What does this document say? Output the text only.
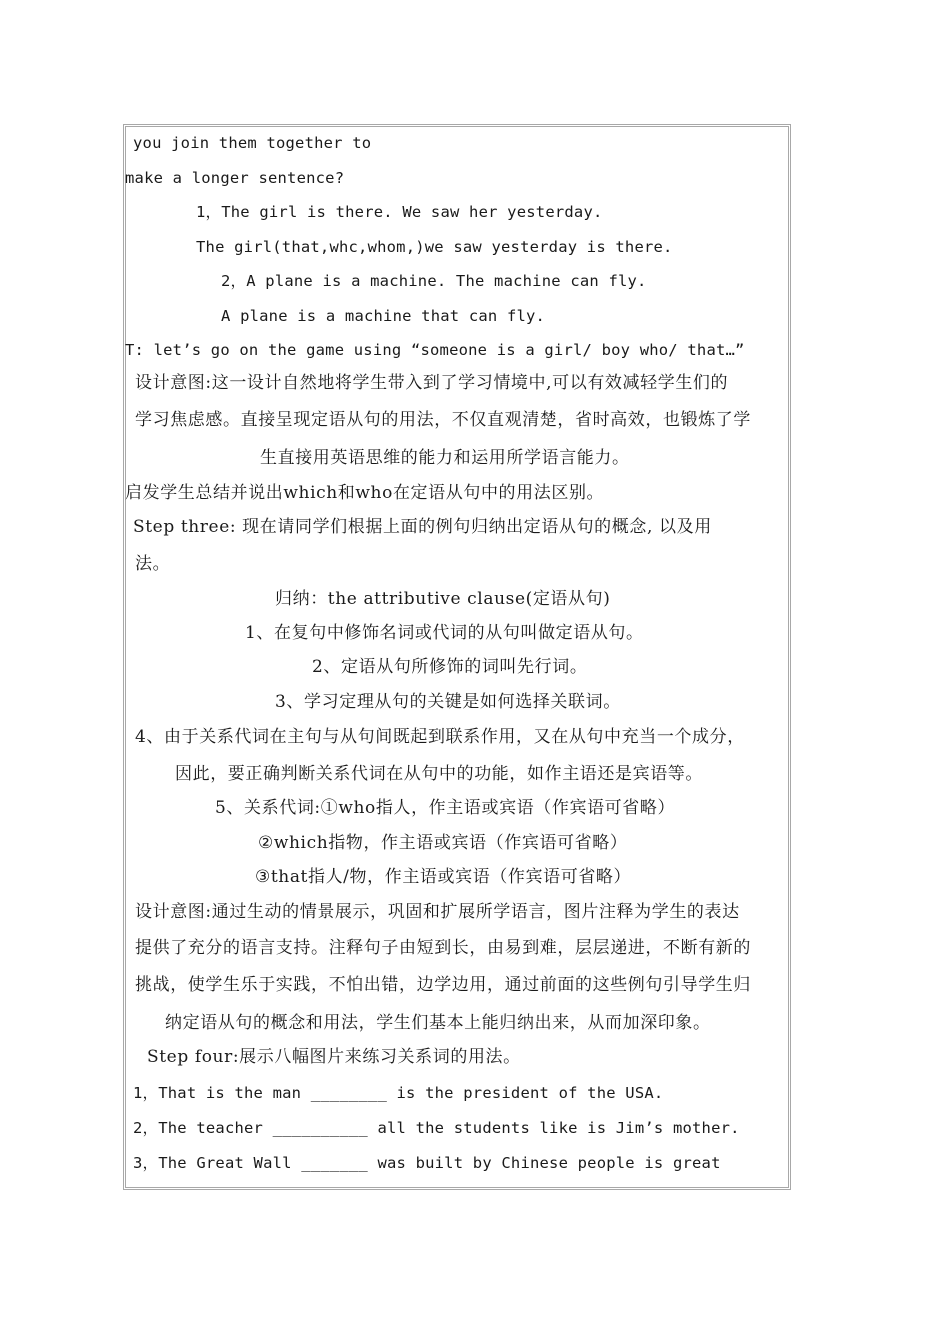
you join them together to
make a longer sentence?
1，The girl is there. We saw her yesterday.
The girl(that,whc,whom,)we saw yesterday is there.
2，A plane is a machine. The machine can fly.
A plane is a machine that can fly.
T: let’s go on the game using “someone is a girl/ boy who/ that…”
设计意图:这一设计自然地将学生带入到了学习情境中,可以有效减轻学生们的
学习焦虑感。直接呈现定语从句的用法，不仅直观清楚，省时高效，也锻炼了学
生直接用英语思维的能力和运用所学语言能力。
启发学生总结并说出which和who在定语从句中的用法区别。
Step three: 现在请同学们根据上面的例句归纳出定语从句的概念, 以及用
法。
归纳：the attributive clause(定语从句)
1、在复句中修饰名词或代词的从句叫做定语从句。
2、定语从句所修饰的词叫先行词。
3、学习定理从句的关键是如何选择关联词。
4、由于关系代词在主句与从句间既起到联系作用，又在从句中充当一个成分，
因此，要正确判断关系代词在从句中的功能，如作主语还是宾语等。
5、关系代词:①who指人，作主语或宾语（作宾语可省略）
②which指物，作主语或宾语（作宾语可省略）
③that指人/物，作主语或宾语（作宾语可省略）
设计意图:通过生动的情景展示，巩固和扩展所学语言，图片注释为学生的表达
提供了充分的语言支持。注释句子由短到长，由易到难，层层递进，不断有新的
挑战，使学生乐于实践，不怕出错，边学边用，通过前面的这些例句引导学生归
纳定语从句的概念和用法，学生们基本上能归纳出来，从而加深印象。
Step four:展示八幅图片来练习关系词的用法。
1，That is the man ________ is the president of the USA.
2，The teacher __________ all the students like is Jim’s mother.
3，The Great Wall _______ was built by Chinese people is great
